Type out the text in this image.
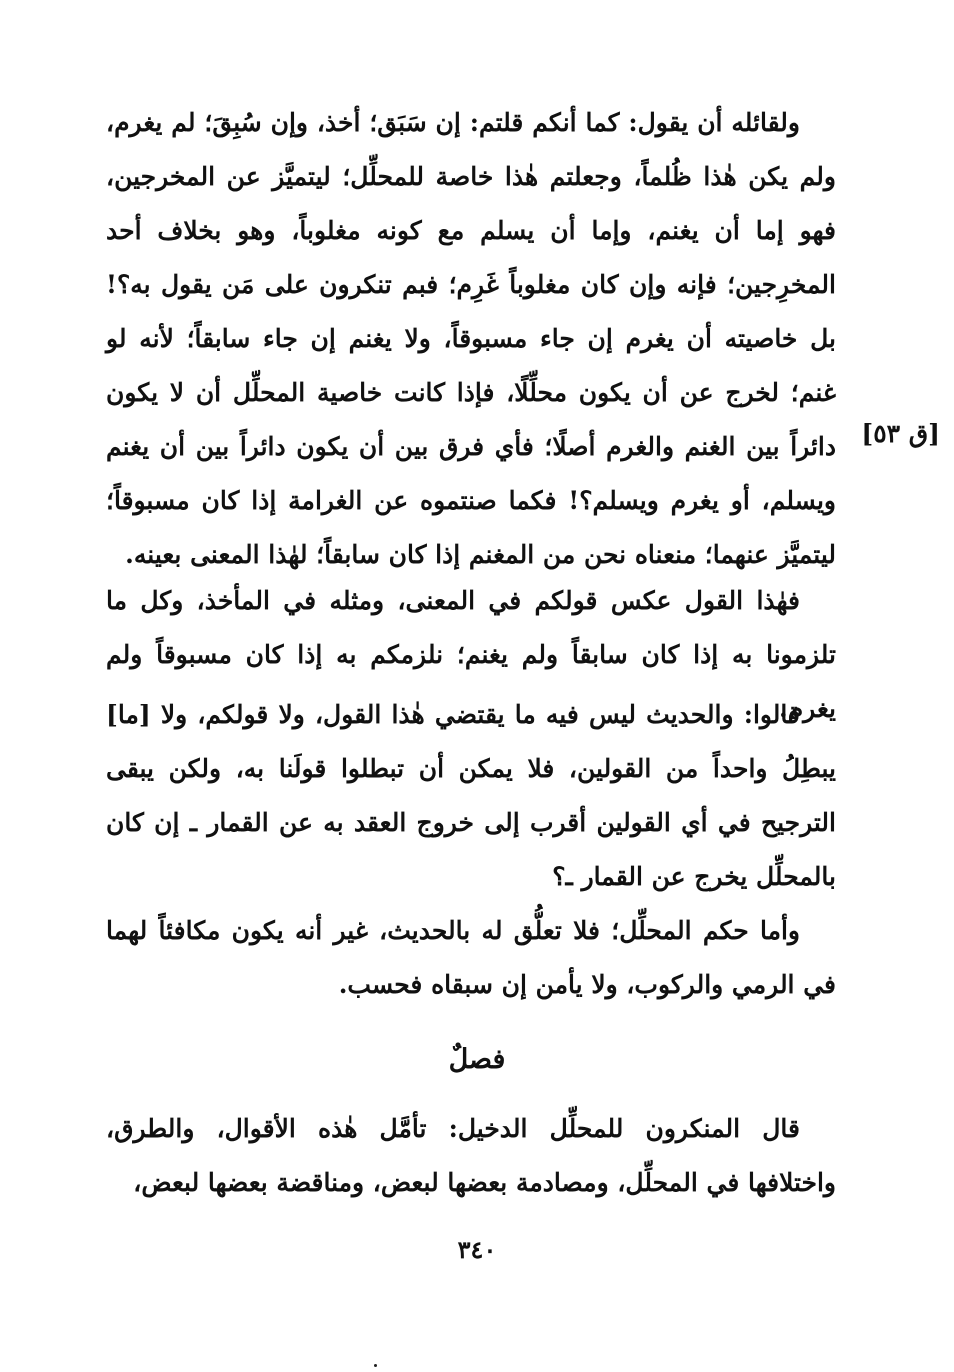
ولقائله أن يقول: كما أنكم قلتم: إن سَبَق؛ أخذ، وإن سُبِقَ؛ لم يغرم، ولم يكن هٰذا ظُلماً، وجعلتم هٰذا خاصة للمحلِّل؛ ليتميَّز عن المخرجين، فهو إما أن يغنم، وإما أن يسلم مع كونه مغلوباً، وهو بخلاف أحد المخرِجين؛ فإنه وإن كان مغلوباً غَرِم؛ فبم تنكرون على مَن يقول به؟! بل خاصيته أن يغرم إن جاء مسبوقاً، ولا يغنم إن جاء سابقاً؛ لأنه لو غنم؛ لخرج عن أن يكون محلِّلًا، فإذا كانت خاصية المحلِّل أن لا يكون دائراً بين الغنم والغرم أصلًا؛ فأي فرق بين أن يكون دائراً بين أن يغنم ويسلم، أو يغرم ويسلم؟! فكما صنتموه عن الغرامة إذا كان مسبوقاً؛ ليتميَّز عنهما؛ منعناه نحن من المغنم إذا كان سابقاً؛ لهٰذا المعنى بعينه.

[ق ٥٣]

فهٰذا القول عكس قولكم في المعنى، ومثله في المأخذ، وكل ما تلزمونا به إذا كان سابقاً ولم يغنم؛ نلزمكم به إذا كان مسبوقاً ولم يغرم.

قالوا: والحديث ليس فيه ما يقتضي هٰذا القول، ولا قولكم، ولا [ما] يبطِلُ واحداً من القولين، فلا يمكن أن تبطلوا قولَنا به، ولكن يبقى الترجيح في أي القولين أقرب إلى خروج العقد به عن القمار ـ إن كان بالمحلِّل يخرج عن القمار ـ؟

وأما حكم المحلِّل؛ فلا تعلُّق له بالحديث، غير أنه يكون مكافئاً لهما في الرمي والركوب، ولا يأمن إن سبقاه فحسب.

فصلٌ

قال المنكرون للمحلِّل الدخيل: تأمَّل هٰذه الأقوال، والطرق، واختلافها في المحلِّل، ومصادمة بعضها لبعض، ومناقضة بعضها لبعض،

٣٤٠
